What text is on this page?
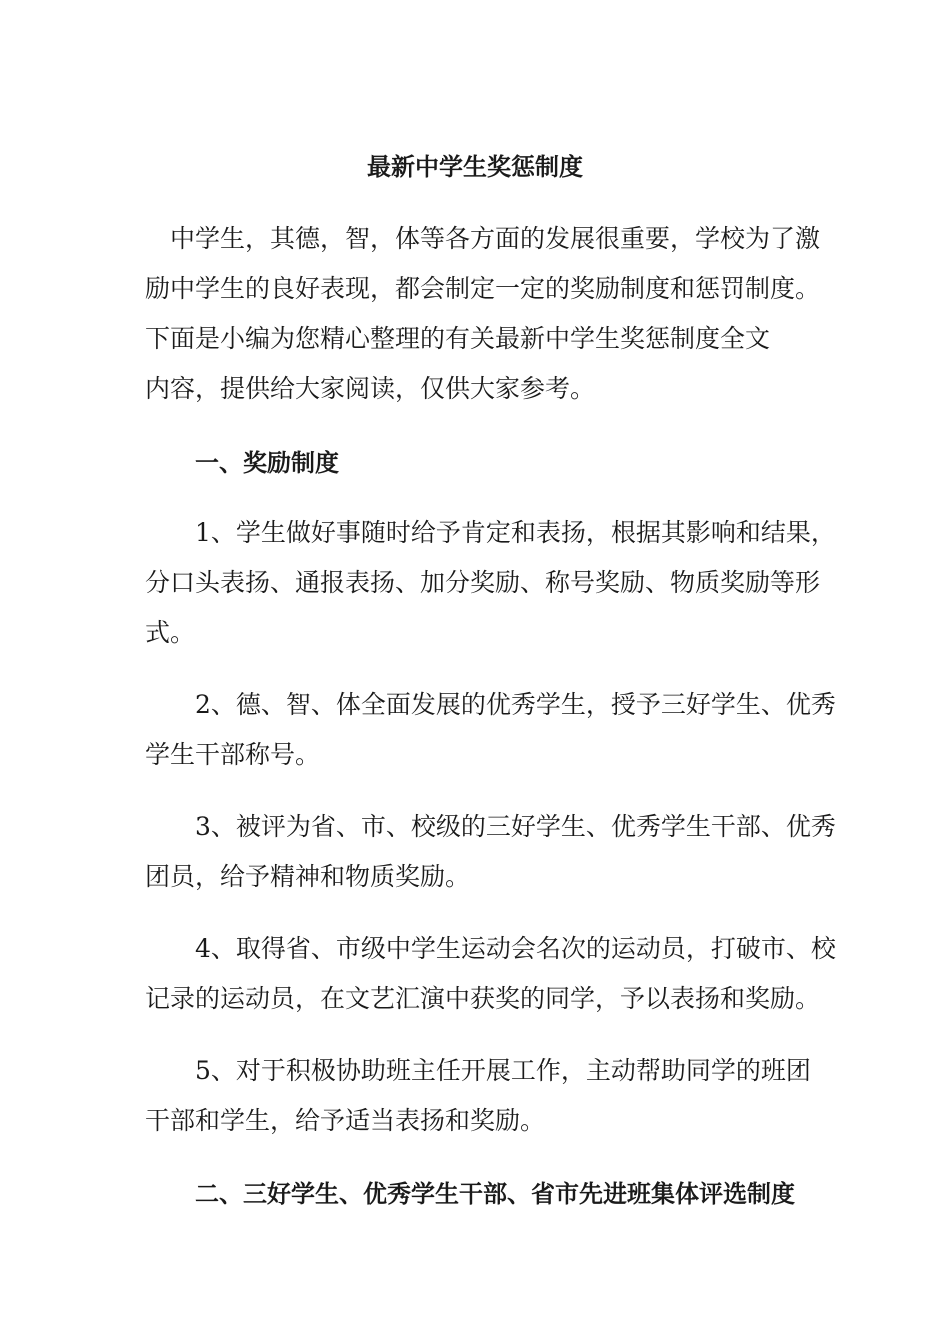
最新中学生奖惩制度

　中学生，其德，智，体等各方面的发展很重要，学校为了激
励中学生的良好表现，都会制定一定的奖励制度和惩罚制度。
下面是小编为您精心整理的有关最新中学生奖惩制度全文
内容，提供给大家阅读，仅供大家参考。

一、奖励制度

　　1、学生做好事随时给予肯定和表扬，根据其影响和结果，
分口头表扬、通报表扬、加分奖励、称号奖励、物质奖励等形
式。

　　2、德、智、体全面发展的优秀学生，授予三好学生、优秀
学生干部称号。

　　3、被评为省、市、校级的三好学生、优秀学生干部、优秀
团员，给予精神和物质奖励。

　　4、取得省、市级中学生运动会名次的运动员，打破市、校
记录的运动员，在文艺汇演中获奖的同学，予以表扬和奖励。

　　5、对于积极协助班主任开展工作，主动帮助同学的班团
干部和学生，给予适当表扬和奖励。

二、三好学生、优秀学生干部、省市先进班集体评选制度
